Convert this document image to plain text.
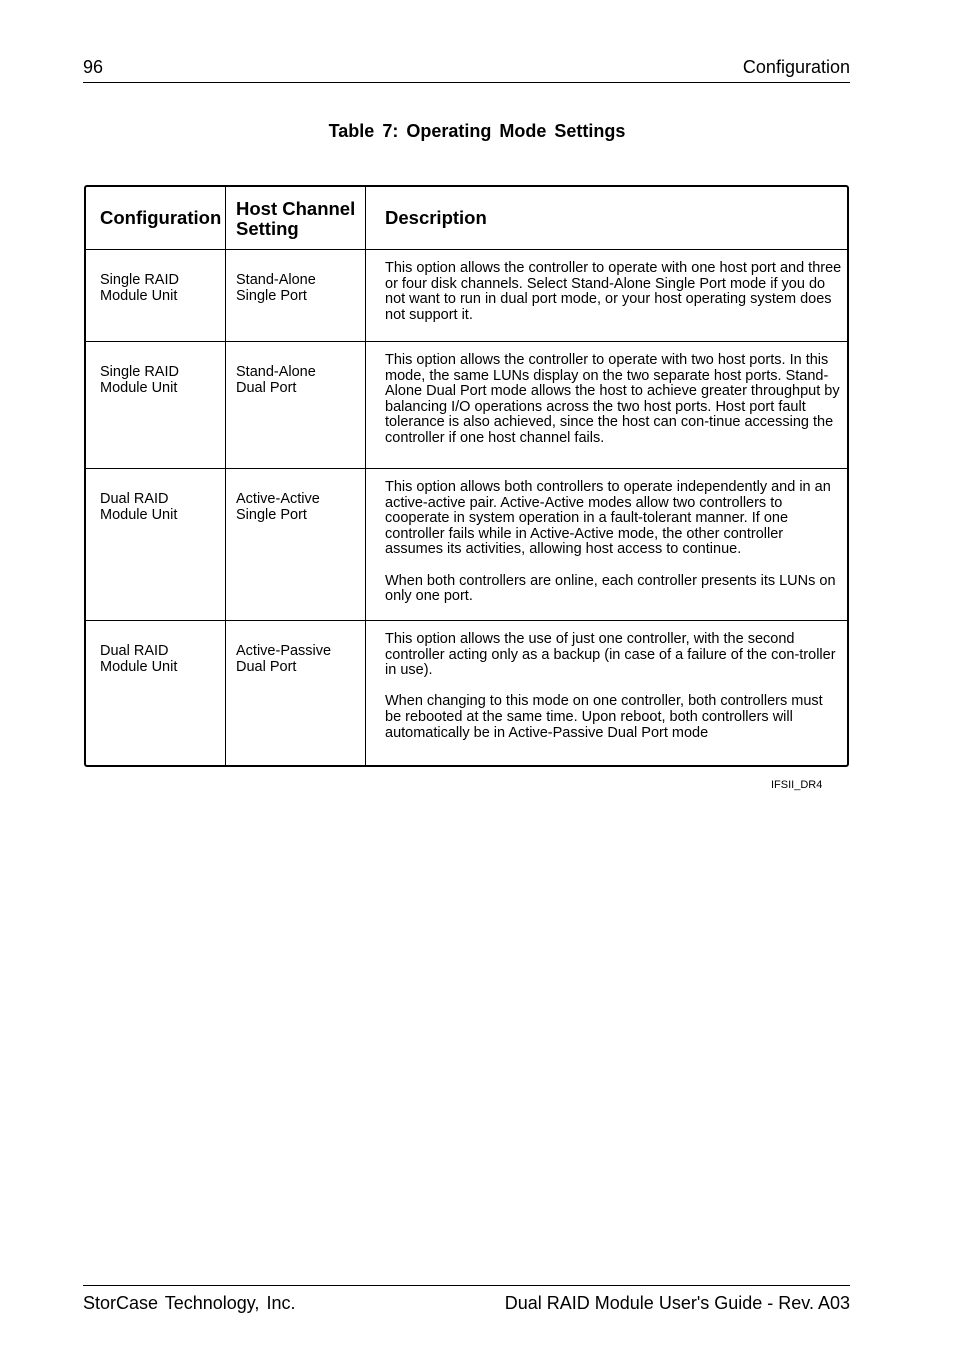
96	Configuration
Table 7: Operating Mode Settings
Configuration Host Channel
Setting
Description
Single RAID
Module Unit
Stand-Alone
Single Port

This option allows the controller to operate with one host port and three or four disk channels. Select Stand-Alone Single Port mode if you do not want to run in dual port mode, or your host operating system does not support it.

Single RAID
Module Unit
Stand-Alone
Dual Port

This option allows the controller to operate with two host ports. In this mode, the same LUNs display on the two separate host ports. Stand-Alone Dual Port mode allows the host to achieve greater throughput by balancing I/O operations across the two host ports. Host port fault tolerance is also achieved, since the host can con-tinue accessing the controller if one host channel fails.

Dual RAID
Module Unit
Active-Active
Single Port

This option allows both controllers to operate independently and in an active-active pair. Active-Active modes allow two controllers to cooperate in system operation in a fault-tolerant manner. If one controller fails while in Active-Active mode, the other controller assumes its activities, allowing host access to continue.

When both controllers are online, each controller presents its LUNs on only one port.

Dual RAID
Module Unit
Active-Passive
Dual Port

This option allows the use of just one controller, with the second controller acting only as a backup (in case of a failure of the con-troller in use).

When changing to this mode on one controller, both controllers must be rebooted at the same time. Upon reboot, both controllers will automatically be in Active-Passive Dual Port mode

IFSII_DR4
StorCase Technology, Inc.	Dual RAID Module User's Guide - Rev. A03
